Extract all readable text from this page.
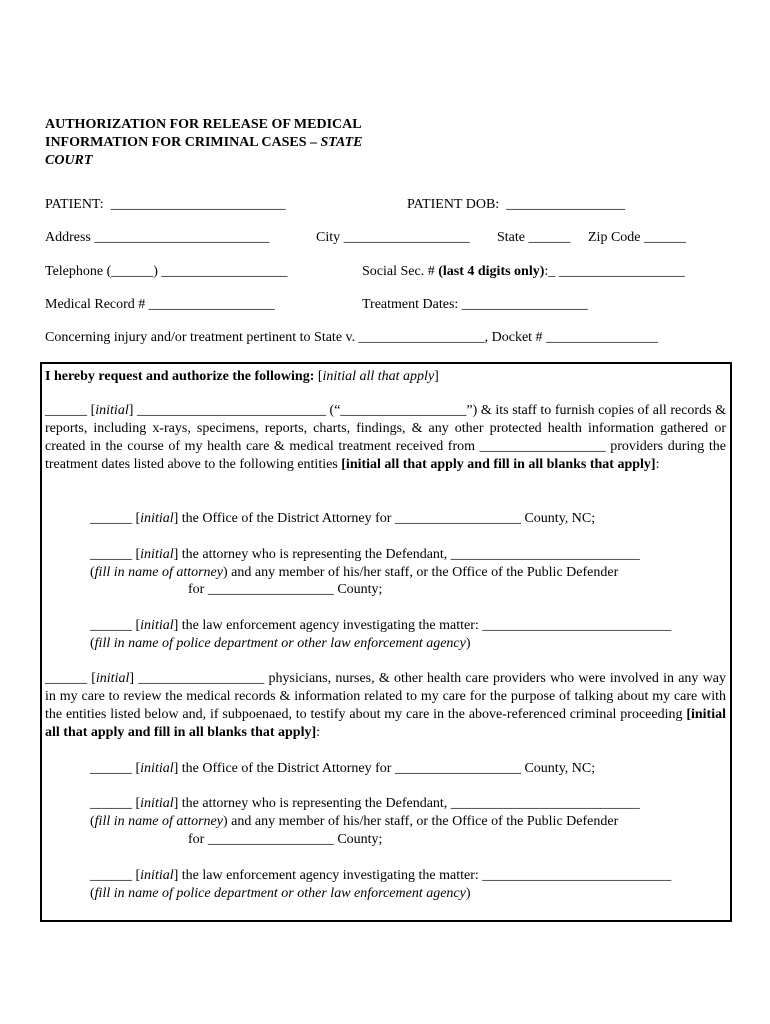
AUTHORIZATION FOR RELEASE OF MEDICAL
INFORMATION FOR CRIMINAL CASES – STATE
COURT
PATIENT:  _________________________	PATIENT DOB:  _________________
Address _________________________	City __________________ State ______ Zip Code ______
Telephone (______) __________________	Social Sec. # (last 4 digits only):_ __________________
Medical Record # __________________	Treatment Dates: __________________
Concerning injury and/or treatment pertinent to State v. __________________, Docket # ________________
I hereby request and authorize the following: [initial all that apply]
______ [initial] ___________________________ (“__________________”) & its staff to furnish copies of all records & reports, including x-rays, specimens, reports, charts, findings, & any other protected health information gathered or created in the course of my health care & medical treatment received from __________________ providers during the treatment dates listed above to the following entities [initial all that apply and fill in all blanks that apply]:
______ [initial] the Office of the District Attorney for __________________ County, NC;
______ [initial] the attorney who is representing the Defendant, ___________________________
(fill in name of attorney) and any member of his/her staff, or the Office of the Public Defender
for __________________ County;
______ [initial] the law enforcement agency investigating the matter: ___________________________
(fill in name of police department or other law enforcement agency)
______ [initial] __________________ physicians, nurses, & other health care providers who were involved in any way in my care to review the medical records & information related to my care for the purpose of talking about my care with the entities listed below and, if subpoenaed, to testify about my care in the above-referenced criminal proceeding [initial all that apply and fill in all blanks that apply]:
______ [initial] the Office of the District Attorney for __________________ County, NC;
______ [initial] the attorney who is representing the Defendant, ___________________________
(fill in name of attorney) and any member of his/her staff, or the Office of the Public Defender
for __________________ County;
______ [initial] the law enforcement agency investigating the matter: ___________________________
(fill in name of police department or other law enforcement agency)
